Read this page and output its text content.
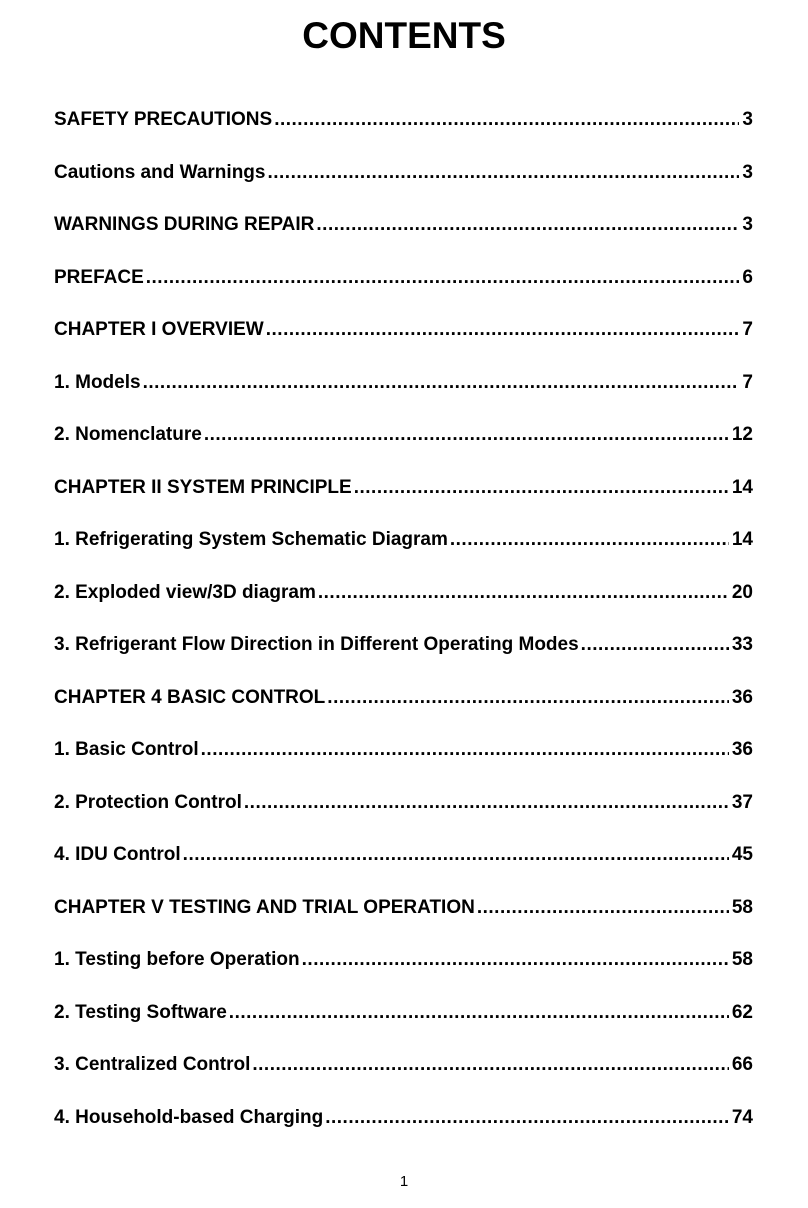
CONTENTS
SAFETY PRECAUTIONS .....	3
Cautions and Warnings .....	3
WARNINGS DURING REPAIR .....	3
PREFACE .....	6
CHAPTER I OVERVIEW .....	7
1. Models .....	7
2. Nomenclature .....	12
CHAPTER II SYSTEM PRINCIPLE .....	14
1. Refrigerating System Schematic Diagram .....	14
2. Exploded view/3D diagram .....	20
3. Refrigerant Flow Direction in Different Operating Modes .....	33
CHAPTER 4 BASIC CONTROL .....	36
1. Basic Control .....	36
2. Protection Control .....	37
4. IDU Control .....	45
CHAPTER V TESTING AND TRIAL OPERATION .....	58
1. Testing before Operation .....	58
2. Testing Software .....	62
3. Centralized Control .....	66
4. Household-based Charging .....	74
1
